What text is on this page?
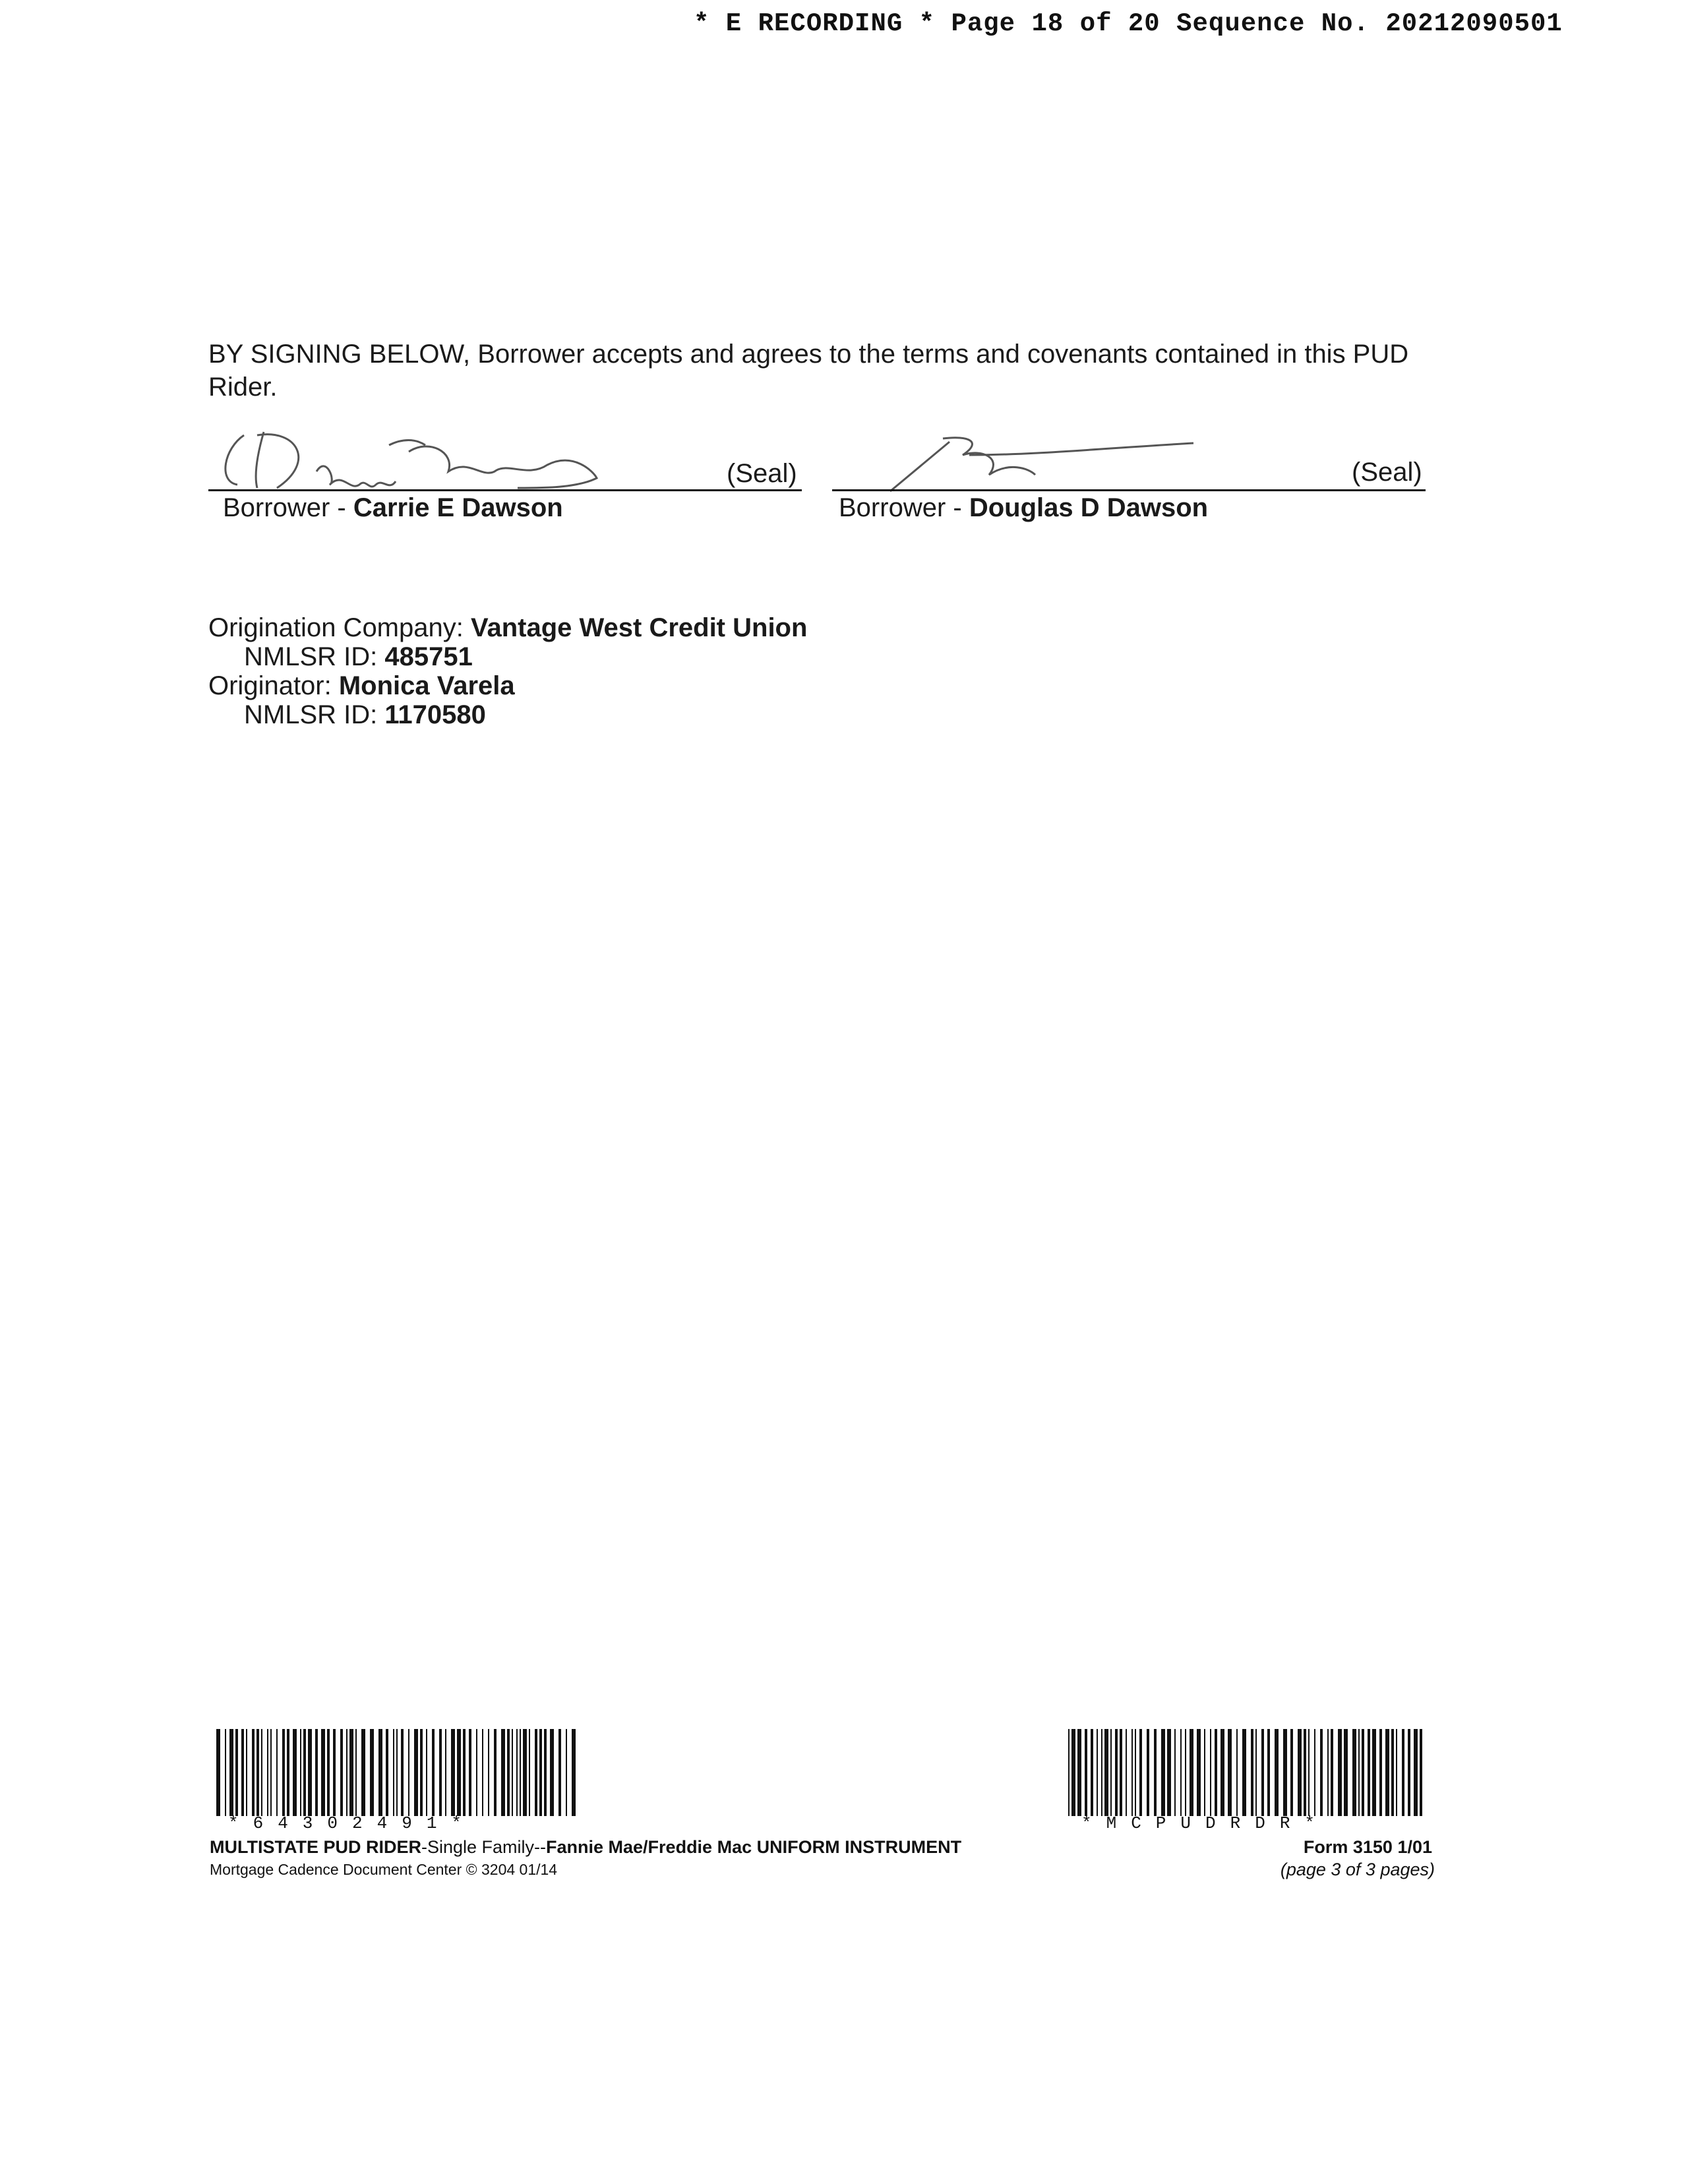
* E RECORDING * Page 18 of 20 Sequence No. 20212090501
BY SIGNING BELOW, Borrower accepts and agrees to the terms and covenants contained in this PUD Rider.
(Seal)
Borrower - Carrie E Dawson
(Seal)
Borrower - Douglas D Dawson
Origination Company: Vantage West Credit Union
NMLSR ID: 485751
Originator: Monica Varela
NMLSR ID: 1170580
*64302491*	*MCPUDRDR*
MULTISTATE PUD RIDER-Single Family--Fannie Mae/Freddie Mac UNIFORM INSTRUMENT
Mortgage Cadence Document Center © 3204 01/14
Form 3150 1/01
(page 3 of 3 pages)
